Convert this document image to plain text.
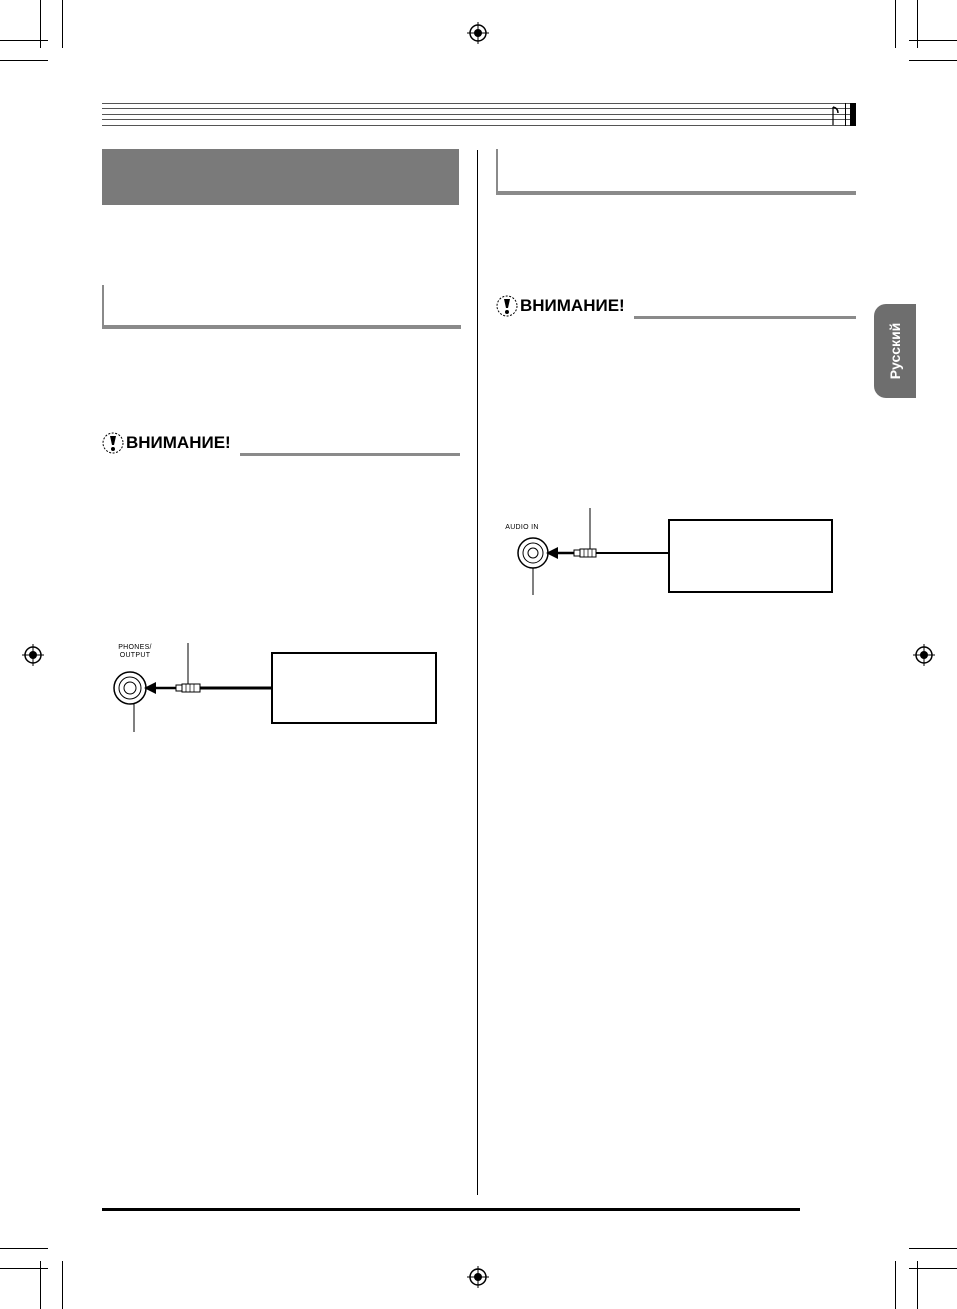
ВНИМАНИЕ!
ВНИМАНИЕ!
Русский
PHONES/
OUTPUT
AUDIO IN
